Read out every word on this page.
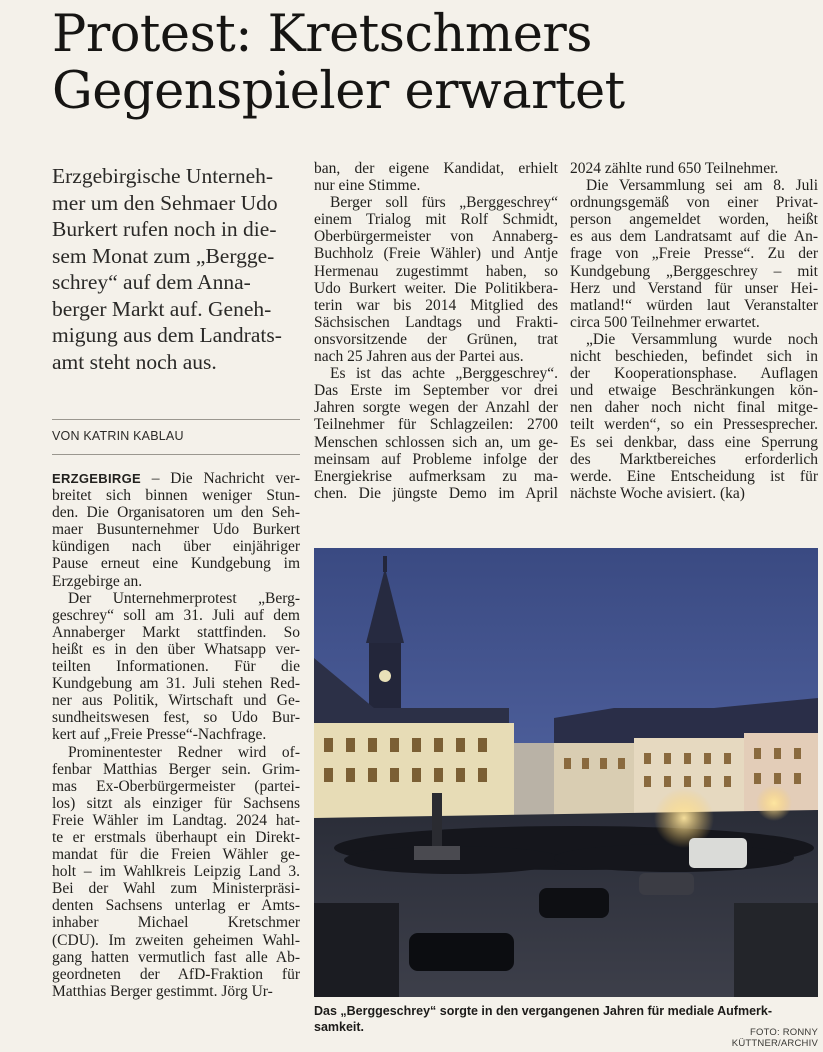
Protest: Kretschmers
Gegenspieler erwartet
Erzgebirgische Unterneh-
mer um den Sehmaer Udo
Burkert rufen noch in die-
sem Monat zum „Bergge-
schrey“ auf dem Anna-
berger Markt auf. Geneh-
migung aus dem Landrats-
amt steht noch aus.
VON KATRIN KABLAU
ERZGEBIRGE – Die Nachricht ver-
breitet sich binnen weniger Stun-
den. Die Organisatoren um den Seh-
maer Busunternehmer Udo Burkert
kündigen nach über einjähriger
Pause erneut eine Kundgebung im
Erzgebirge an.
Der Unternehmerprotest „Berg-
geschrey“ soll am 31. Juli auf dem
Annaberger Markt stattfinden. So
heißt es in den über Whatsapp ver-
teilten Informationen. Für die
Kundgebung am 31. Juli stehen Red-
ner aus Politik, Wirtschaft und Ge-
sundheitswesen fest, so Udo Bur-
kert auf „Freie Presse“-Nachfrage.
Prominentester Redner wird of-
fenbar Matthias Berger sein. Grim-
mas Ex-Oberbürgermeister (partei-
los) sitzt als einziger für Sachsens
Freie Wähler im Landtag. 2024 hat-
te er erstmals überhaupt ein Direkt-
mandat für die Freien Wähler ge-
holt – im Wahlkreis Leipzig Land 3.
Bei der Wahl zum Ministerpräsi-
denten Sachsens unterlag er Amts-
inhaber Michael Kretschmer
(CDU). Im zweiten geheimen Wahl-
gang hatten vermutlich fast alle Ab-
geordneten der AfD-Fraktion für
Matthias Berger gestimmt. Jörg Ur-
ban, der eigene Kandidat, erhielt
nur eine Stimme.
Berger soll fürs „Berggeschrey“
einem Trialog mit Rolf Schmidt,
Oberbürgermeister von Annaberg-
Buchholz (Freie Wähler) und Antje
Hermenau zugestimmt haben, so
Udo Burkert weiter. Die Politikbera-
terin war bis 2014 Mitglied des
Sächsischen Landtags und Frakti-
onsvorsitzende der Grünen, trat
nach 25 Jahren aus der Partei aus.
Es ist das achte „Berggeschrey“.
Das Erste im September vor drei
Jahren sorgte wegen der Anzahl der
Teilnehmer für Schlagzeilen: 2700
Menschen schlossen sich an, um ge-
meinsam auf Probleme infolge der
Energiekrise aufmerksam zu ma-
chen. Die jüngste Demo im April
2024 zählte rund 650 Teilnehmer.
Die Versammlung sei am 8. Juli
ordnungsgemäß von einer Privat-
person angemeldet worden, heißt
es aus dem Landratsamt auf die An-
frage von „Freie Presse“. Zu der
Kundgebung „Berggeschrey – mit
Herz und Verstand für unser Hei-
matland!“ würden laut Veranstalter
circa 500 Teilnehmer erwartet.
„Die Versammlung wurde noch
nicht beschieden, befindet sich in
der Kooperationsphase. Auflagen
und etwaige Beschränkungen kön-
nen daher noch nicht final mitge-
teilt werden“, so ein Pressesprecher.
Es sei denkbar, dass eine Sperrung
des Marktbereiches erforderlich
werde. Eine Entscheidung ist für
nächste Woche avisiert. (ka)
Das „Berggeschrey“ sorgte in den vergangenen Jahren für mediale Aufmerk-
samkeit.	FOTO: RONNY KÜTTNER/ARCHIV
